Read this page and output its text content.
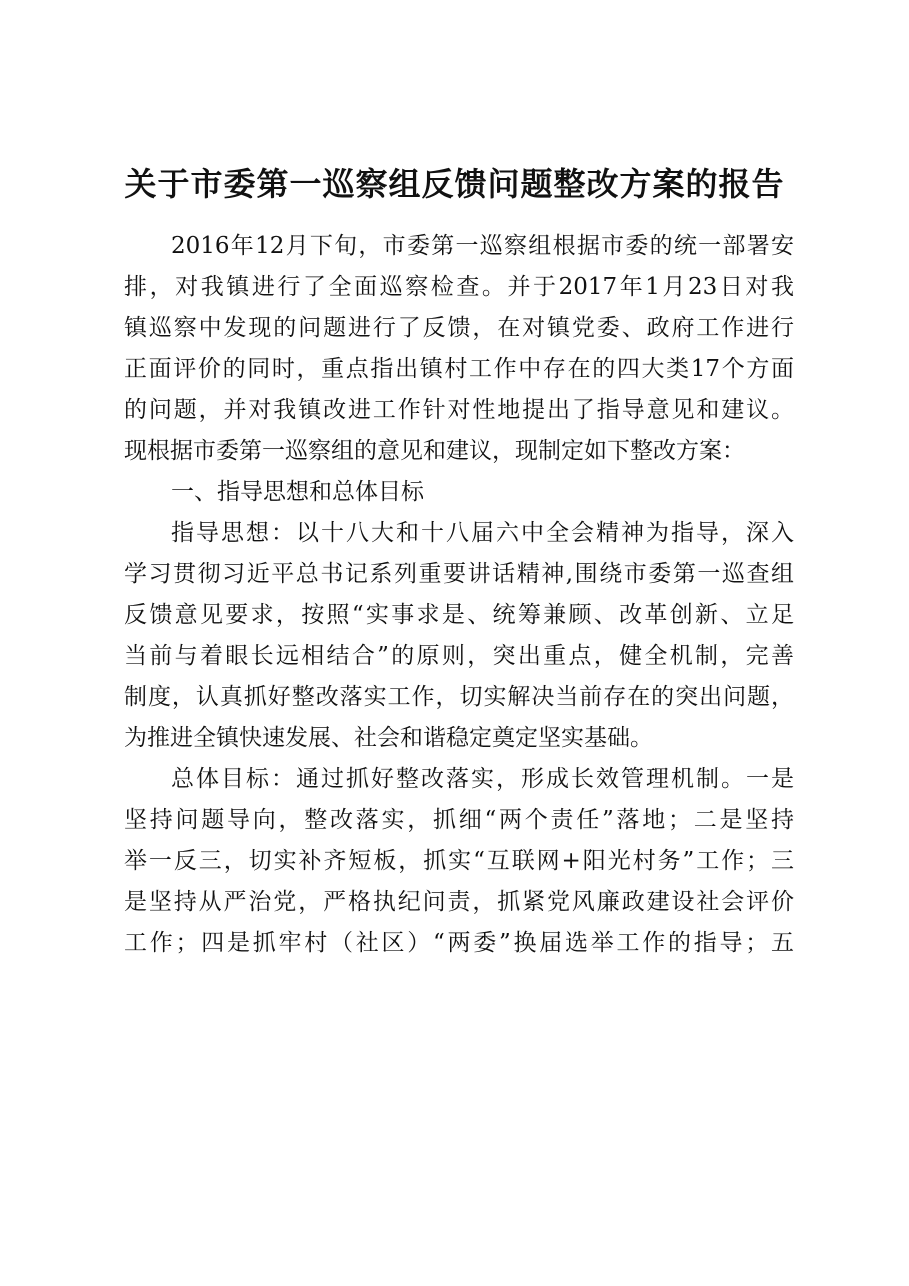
关于市委第一巡察组反馈问题整改方案的报告
2016年12月下旬，市委第一巡察组根据市委的统一部署安
排，对我镇进行了全面巡察检查。并于2017年1月23日对我
镇巡察中发现的问题进行了反馈，在对镇党委、政府工作进行
正面评价的同时，重点指出镇村工作中存在的四大类17个方面
的问题，并对我镇改进工作针对性地提出了指导意见和建议。
现根据市委第一巡察组的意见和建议，现制定如下整改方案：
一、指导思想和总体目标
指导思想：以十八大和十八届六中全会精神为指导，深入
学习贯彻习近平总书记系列重要讲话精神,围绕市委第一巡查组
反馈意见要求，按照“实事求是、统筹兼顾、改革创新、立足
当前与着眼长远相结合”的原则，突出重点，健全机制，完善
制度，认真抓好整改落实工作，切实解决当前存在的突出问题，
为推进全镇快速发展、社会和谐稳定奠定坚实基础。
总体目标：通过抓好整改落实，形成长效管理机制。一是
坚持问题导向，整改落实，抓细“两个责任”落地；二是坚持
举一反三，切实补齐短板，抓实“互联网+阳光村务”工作；三
是坚持从严治党，严格执纪问责，抓紧党风廉政建设社会评价
工作；四是抓牢村（社区）“两委”换届选举工作的指导；五
